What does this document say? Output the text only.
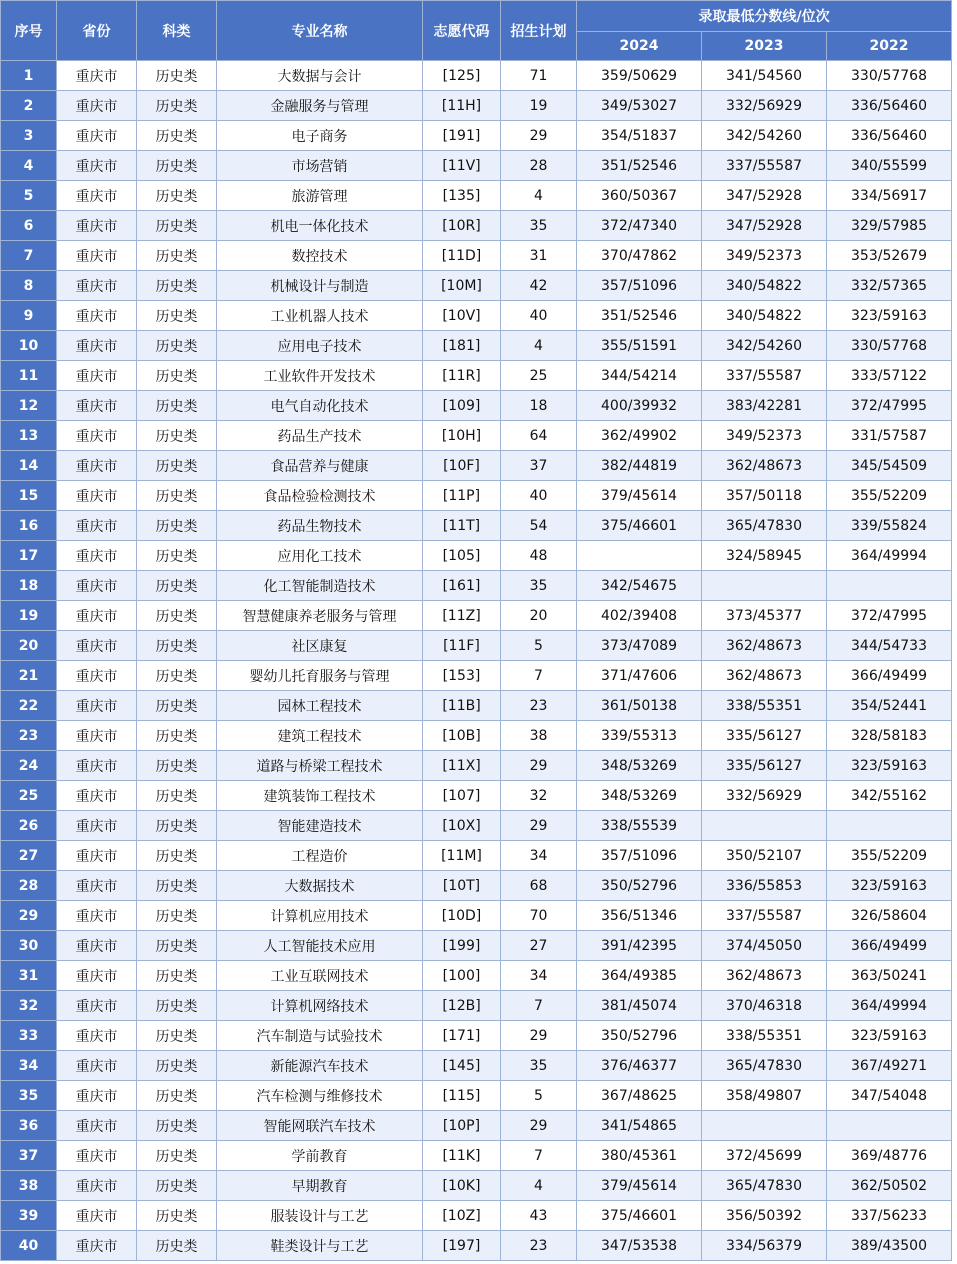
序号	省份	科类	专业名称	志愿代码	招生计划	录取最低分数线/位次		
						2024	2023	2022
1	重庆市	历史类	大数据与会计	[125]	71	359/50629	341/54560	330/57768
2	重庆市	历史类	金融服务与管理	[11H]	19	349/53027	332/56929	336/56460
3	重庆市	历史类	电子商务	[191]	29	354/51837	342/54260	336/56460
4	重庆市	历史类	市场营销	[11V]	28	351/52546	337/55587	340/55599
5	重庆市	历史类	旅游管理	[135]	4	360/50367	347/52928	334/56917
6	重庆市	历史类	机电一体化技术	[10R]	35	372/47340	347/52928	329/57985
7	重庆市	历史类	数控技术	[11D]	31	370/47862	349/52373	353/52679
8	重庆市	历史类	机械设计与制造	[10M]	42	357/51096	340/54822	332/57365
9	重庆市	历史类	工业机器人技术	[10V]	40	351/52546	340/54822	323/59163
10	重庆市	历史类	应用电子技术	[181]	4	355/51591	342/54260	330/57768
11	重庆市	历史类	工业软件开发技术	[11R]	25	344/54214	337/55587	333/57122
12	重庆市	历史类	电气自动化技术	[109]	18	400/39932	383/42281	372/47995
13	重庆市	历史类	药品生产技术	[10H]	64	362/49902	349/52373	331/57587
14	重庆市	历史类	食品营养与健康	[10F]	37	382/44819	362/48673	345/54509
15	重庆市	历史类	食品检验检测技术	[11P]	40	379/45614	357/50118	355/52209
16	重庆市	历史类	药品生物技术	[11T]	54	375/46601	365/47830	339/55824
17	重庆市	历史类	应用化工技术	[105]	48		324/58945	364/49994
18	重庆市	历史类	化工智能制造技术	[161]	35	342/54675		
19	重庆市	历史类	智慧健康养老服务与管理	[11Z]	20	402/39408	373/45377	372/47995
20	重庆市	历史类	社区康复	[11F]	5	373/47089	362/48673	344/54733
21	重庆市	历史类	婴幼儿托育服务与管理	[153]	7	371/47606	362/48673	366/49499
22	重庆市	历史类	园林工程技术	[11B]	23	361/50138	338/55351	354/52441
23	重庆市	历史类	建筑工程技术	[10B]	38	339/55313	335/56127	328/58183
24	重庆市	历史类	道路与桥梁工程技术	[11X]	29	348/53269	335/56127	323/59163
25	重庆市	历史类	建筑装饰工程技术	[107]	32	348/53269	332/56929	342/55162
26	重庆市	历史类	智能建造技术	[10X]	29	338/55539		
27	重庆市	历史类	工程造价	[11M]	34	357/51096	350/52107	355/52209
28	重庆市	历史类	大数据技术	[10T]	68	350/52796	336/55853	323/59163
29	重庆市	历史类	计算机应用技术	[10D]	70	356/51346	337/55587	326/58604
30	重庆市	历史类	人工智能技术应用	[199]	27	391/42395	374/45050	366/49499
31	重庆市	历史类	工业互联网技术	[100]	34	364/49385	362/48673	363/50241
32	重庆市	历史类	计算机网络技术	[12B]	7	381/45074	370/46318	364/49994
33	重庆市	历史类	汽车制造与试验技术	[171]	29	350/52796	338/55351	323/59163
34	重庆市	历史类	新能源汽车技术	[145]	35	376/46377	365/47830	367/49271
35	重庆市	历史类	汽车检测与维修技术	[115]	5	367/48625	358/49807	347/54048
36	重庆市	历史类	智能网联汽车技术	[10P]	29	341/54865		
37	重庆市	历史类	学前教育	[11K]	7	380/45361	372/45699	369/48776
38	重庆市	历史类	早期教育	[10K]	4	379/45614	365/47830	362/50502
39	重庆市	历史类	服装设计与工艺	[10Z]	43	375/46601	356/50392	337/56233
40	重庆市	历史类	鞋类设计与工艺	[197]	23	347/53538	334/56379	389/43500
